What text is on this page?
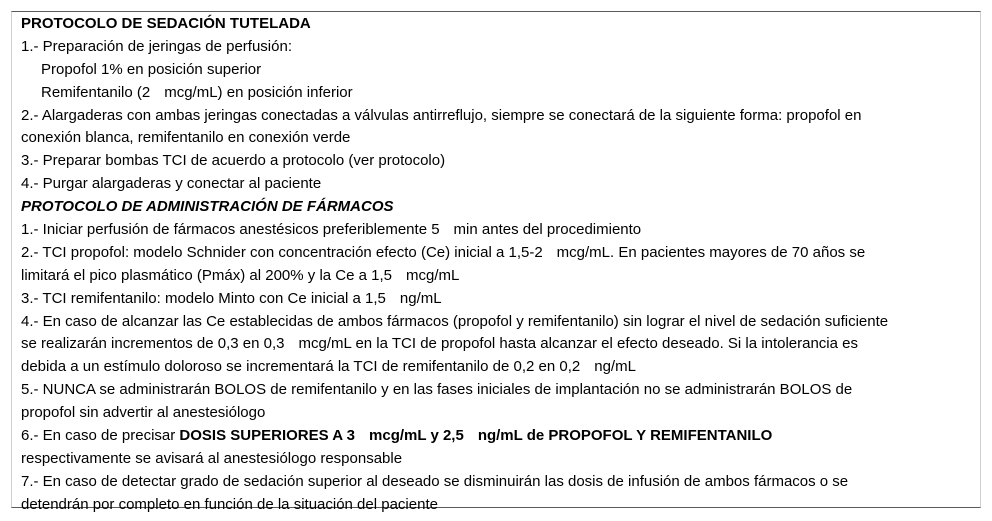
PROTOCOLO DE SEDACIÓN TUTELADA
1.- Preparación de jeringas de perfusión:
Propofol 1% en posición superior
Remifentanilo (2 mcg/mL) en posición inferior
2.- Alargaderas con ambas jeringas conectadas a válvulas antirreflujo, siempre se conectará de la siguiente forma: propofol en
conexión blanca, remifentanilo en conexión verde
3.- Preparar bombas TCI de acuerdo a protocolo (ver protocolo)
4.- Purgar alargaderas y conectar al paciente
PROTOCOLO DE ADMINISTRACIÓN DE FÁRMACOS
1.- Iniciar perfusión de fármacos anestésicos preferiblemente 5 min antes del procedimiento
2.- TCI propofol: modelo Schnider con concentración efecto (Ce) inicial a 1,5-2 mcg/mL. En pacientes mayores de 70 años se
limitará el pico plasmático (Pmáx) al 200% y la Ce a 1,5 mcg/mL
3.- TCI remifentanilo: modelo Minto con Ce inicial a 1,5 ng/mL
4.- En caso de alcanzar las Ce establecidas de ambos fármacos (propofol y remifentanilo) sin lograr el nivel de sedación suficiente
se realizarán incrementos de 0,3 en 0,3 mcg/mL en la TCI de propofol hasta alcanzar el efecto deseado. Si la intolerancia es
debida a un estímulo doloroso se incrementará la TCI de remifentanilo de 0,2 en 0,2 ng/mL
5.- NUNCA se administrarán BOLOS de remifentanilo y en las fases iniciales de implantación no se administrarán BOLOS de
propofol sin advertir al anestesiólogo
6.- En caso de precisar DOSIS SUPERIORES A 3 mcg/mL y 2,5 ng/mL de PROPOFOL Y REMIFENTANILO
respectivamente se avisará al anestesiólogo responsable
7.- En caso de detectar grado de sedación superior al deseado se disminuirán las dosis de infusión de ambos fármacos o se
detendrán por completo en función de la situación del paciente
